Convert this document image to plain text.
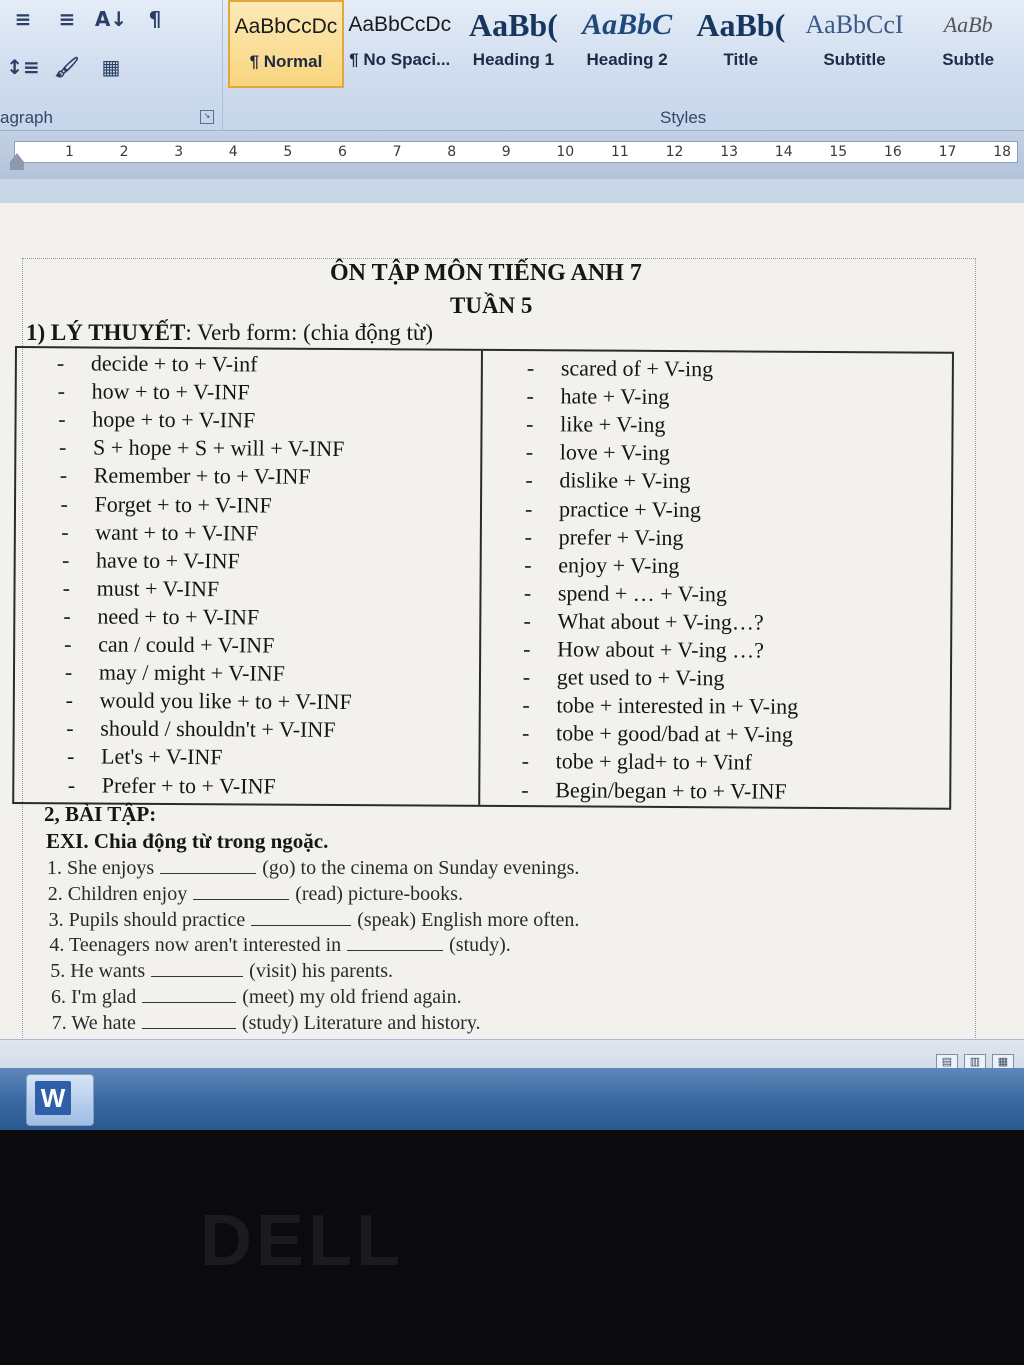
≡	≡ A↓	¶
↕≡ 🖌 ▦
agraph	↘
AaBbCcDc
¶ Normal
AaBbCcDc
¶ No Spaci...
AaBb(
Heading 1
AaBbC
Heading 2
AaBb(
Title
AaBbCcI
Subtitle
AaBb
Subtle
Styles
1	2	3	4	5	6	7	8	9	10	11	12	13	14	15	16	17	18
ÔN TẬP MÔN TIẾNG ANH 7
TUẦN 5
1) LÝ THUYẾT: Verb form: (chia động từ)
- decide + to + V-inf
- how + to + V-INF
- hope + to + V-INF
- S + hope + S + will + V-INF
- Remember + to + V-INF
- Forget + to + V-INF
- want + to + V-INF
- have to + V-INF
- must + V-INF
- need + to + V-INF
- can / could + V-INF
- may / might + V-INF
- would you like + to + V-INF
- should / shouldn't + V-INF
- Let's + V-INF
- Prefer + to + V-INF
- scared of + V-ing
- hate + V-ing
- like + V-ing
- love + V-ing
- dislike + V-ing
- practice + V-ing
- prefer + V-ing
- enjoy + V-ing
- spend + … + V-ing
- What about + V-ing…?
- How about + V-ing …?
- get used to + V-ing
- tobe + interested in + V-ing
- tobe + good/bad at + V-ing
- tobe + glad+ to + Vinf
- Begin/began + to + V-INF
2, BÀI TẬP:
EXI. Chia động từ trong ngoặc.
1. She enjoys	(go) to the cinema on Sunday evenings.
2. Children enjoy	(read) picture-books.
3. Pupils should practice	(speak) English more often.
4. Teenagers now aren't interested in	(study).
5. He wants	(visit) his parents.
6. I'm glad	(meet) my old friend again.
7. We hate	(study) Literature and history.
▤	▥	▦
W
DELL
